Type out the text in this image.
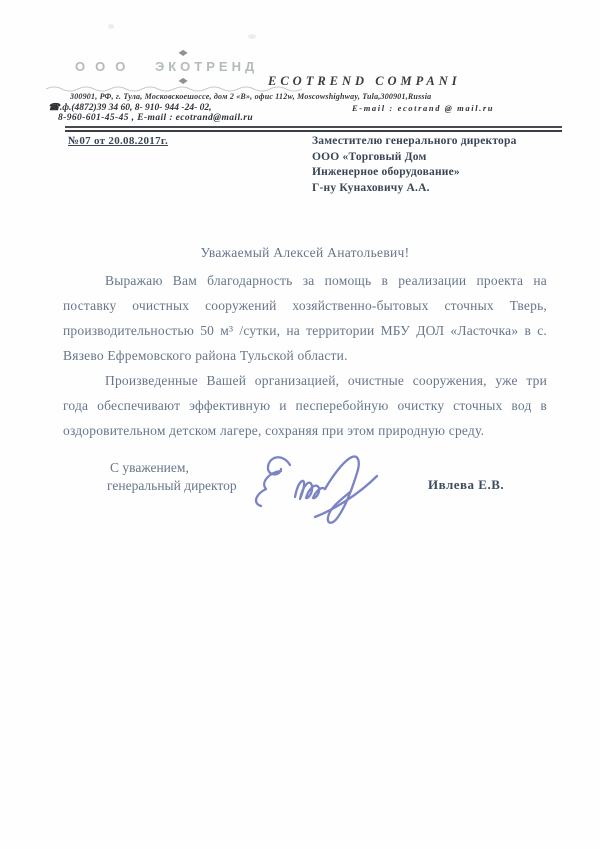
ООО ЭКОТРЕНД
◆
◆	ECOTREND COMPANI
300901, РФ, г. Тула, Московскоешоссе, дом 2 «В», офис 112w, Moscowshighway, Tula,300901,Russia
☎.ф.(4872)39 34 60, 8- 910- 944 -24- 02,	E-mail : ecotrand @ mail.ru
8-960-601-45-45 , E-mail : ecotrand@mail.ru
№07 от 20.08.2017г.	Заместителю генерального директора
ООО «Торговый Дом
Инженерное оборудование»
Г-ну Кунаховичу А.А.
Уважаемый Алексей Анатольевич!
Выражаю Вам благодарность за помощь в реализации проекта на
поставку очистных сооружений хозяйственно-бытовых сточных Тверь,
производительностью 50 м³ /сутки, на территории МБУ ДОЛ «Ласточка» в с.
Вязево Ефремовского района Тульской области.
Произведенные Вашей организацией, очистные сооружения, уже три
года обеспечивают эффективную и песперебойную очистку сточных вод в
оздоровительном детском лагере, сохраняя при этом природную среду.
С уважением,
генеральный директор	Ивлева Е.В.
